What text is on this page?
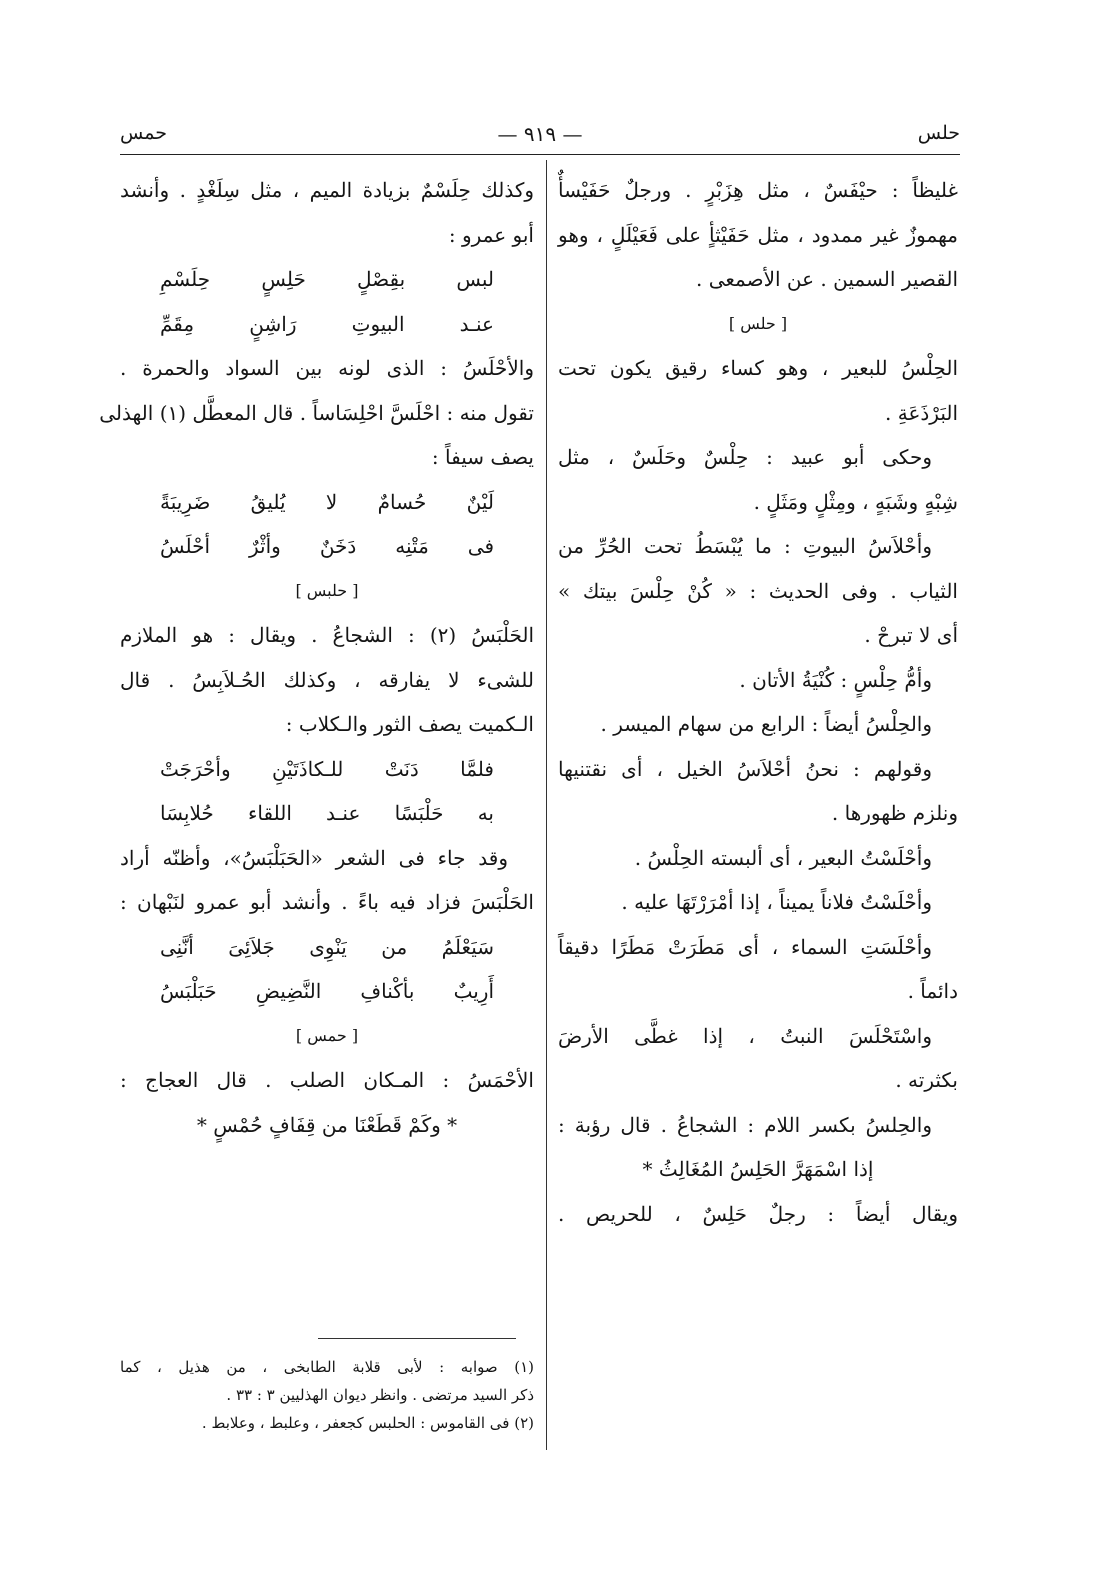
حلس
— ٩١٩ —
حمس
غليظاً : حيْفَسٌ ، مثل هِزَبْرٍ . ورجلٌ حَفَيْسأٌ
مهموزٌ غير ممدود ، مثل حَفَيْثأٍ على فَعَيْلَلٍ ، وهو
القصير السمين . عن الأصمعى .
[ حلس ]
الحِلْسُ للبعير ، وهو كساء رقيق يكون تحت
البَرْذَعَةِ .
وحكى أبو عبيد : حِلْسٌ وحَلَسٌ ، مثل
شِبْهٍ وشَبَهٍ ، ومِثْلٍ ومَثَلٍ .
وأحْلاَسُ البيوتِ : ما يُبْسَطُ تحت الحُرِّ من
الثياب . وفى الحديث : « كُنْ حِلْسَ بيتك »
أى لا تبرحْ .
وأمُّ حِلْسٍ : كُنْيَةُ الأتان .
والحِلْسُ أيضاً : الرابع من سهام الميسر .
وقولهم : نحنُ أحْلاَسُ الخيل ، أى نقتنيها
ونلزم ظهورها .
وأحْلَسْتُ البعير ، أى ألبسته الحِلْسُ .
وأحْلَسْتُ فلاناً يميناً ، إذا أمْرَرْتَهَا عليه .
وأحْلَسَتِ السماء ، أى مَطَرَتْ مَطَرًا دقيقاً
دائماً .
واسْتَحْلَسَ النبتُ ، إذا غطَّى الأرضَ
بكثرته .
والحِلسُ بكسر اللام : الشجاعُ . قال رؤبة :
إذا اسْمَهَرَّ الحَلِسُ المُغَالِثُ *
ويقال أيضاً : رجلٌ حَلِسٌ ، للحريص .
وكذلك حِلَسْمٌ بزيادة الميم ، مثل سِلَغْدٍ . وأنشد
أبو عمرو :
لبس بقِصْلٍ حَلِسٍ حِلَسْمِ
عنـد البيوتِ رَاشِنٍ مِقَمِّ
والأحْلَسُ : الذى لونه بين السواد والحمرة .
تقول منه : احْلَسَّ احْلِسَاساً . قال المعطَّل (١) الهذلى
يصف سيفاً :
لَيْنٌ حُسامٌ لا يُليقُ ضَرِيبَةً
فى مَتْنِه دَخَنٌ وأثْرٌ أحْلَسُ
[ حلبس ]
الحَلْبَسُ (٢) : الشجاعُ . ويقال : هو الملازم
للشىء لا يفارقه ، وكذلك الحُـلاَبِسُ . قال
الـكميت يصف الثور والـكلاب :
فلمَّا دَنَتْ للـكاذَتَيْنِ وأحْرَجَتْ
به حَلْبَسًا عنـد اللقاء حُلابِسَا
وقد جاء فى الشعر «الحَبَلْبَسُ»، وأظنّه أراد
الحَلْبَسَ فزاد فيه باءً . وأنشد أبو عمرو لنَبْهان :
سَيَعْلَمُ من يَنْوِى جَلاَئِىَ أنَّنِى
أَرِيبٌ بأكْنافِ النَّضِيضِ حَبَلْبَسُ
[ حمس ]
الأحْمَسُ : المـكان الصلب . قال العجاج :
* وكَمْ قَطَعْنَا من قِفَافٍ حُمْسٍ *
(١) صوابه : لأبى قلابة الطابخى ، من هذيل ، كما
ذكر السيد مرتضى . وانظر ديوان الهذليين ٣ : ٣٣ .
(٢) فى القاموس : الحلبس كجعفر ، وعلبط ، وعلابط .
